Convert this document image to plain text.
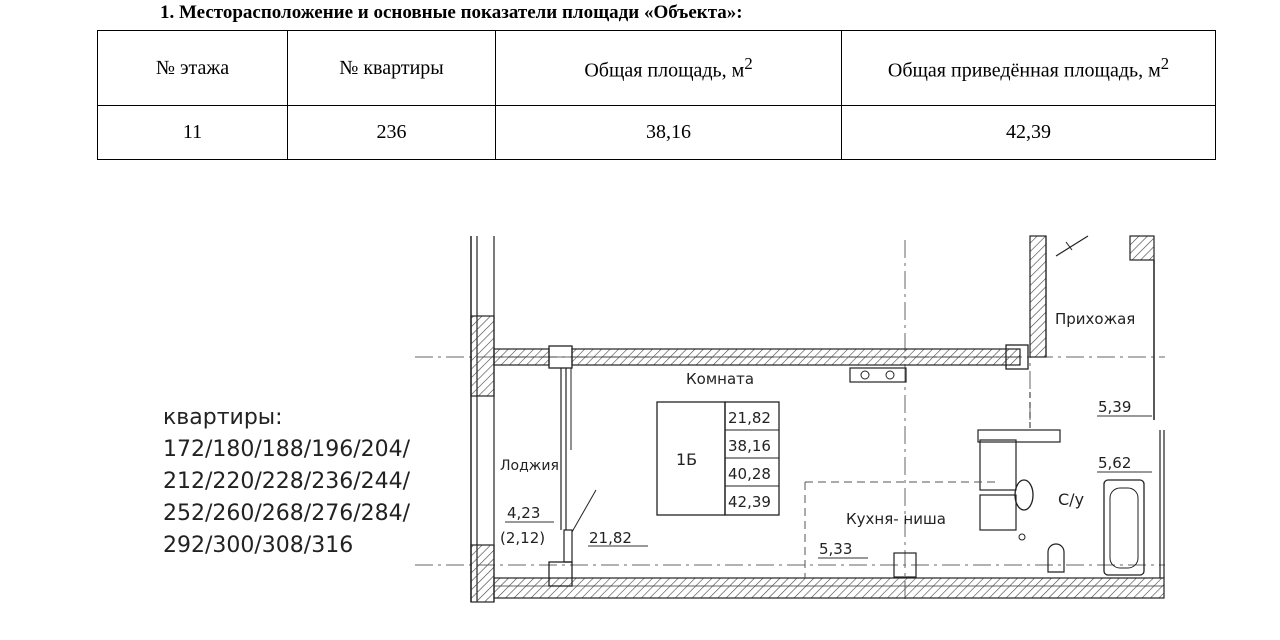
1. Месторасположение и основные показатели площади «Объекта»:
№ этажа	№ квартиры	Общая площадь, $м^2$	Общая приведённая площадь, $м^2$
11	236	38,16	42,39
квартиры:
172/180/188/196/204/
212/220/228/236/244/
252/260/268/276/284/
292/300/308/316
Прихожая
Комната
Лоджия
Кухня- ниша
С/у
4,23
(2,12)	21,82
5,33
5,39
5,62
1Б
21,82
38,16
40,28
42,39
